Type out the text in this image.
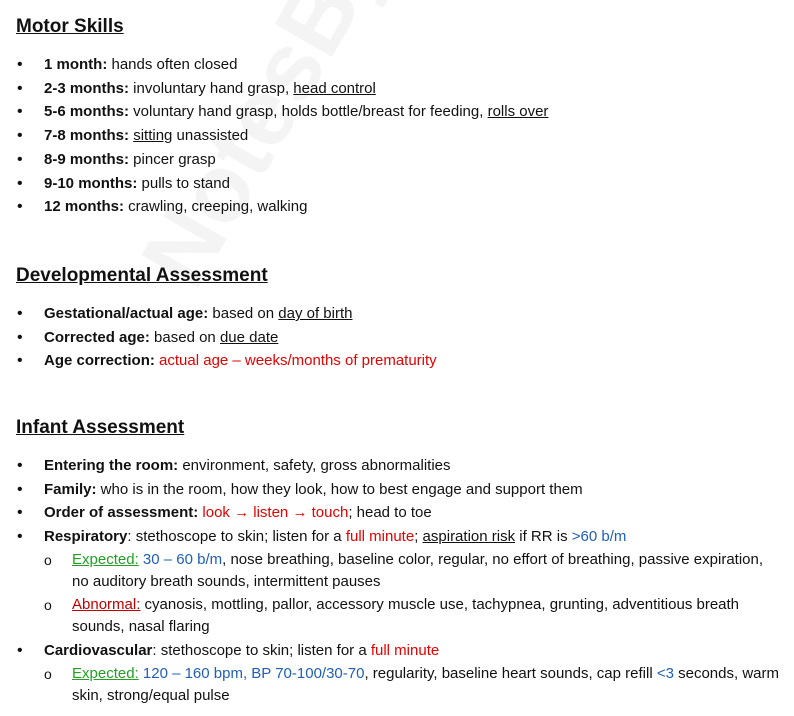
Motor Skills
• 1 month: hands often closed
• 2-3 months: involuntary hand grasp, head control
• 5-6 months: voluntary hand grasp, holds bottle/breast for feeding, rolls over
• 7-8 months: sitting unassisted
• 8-9 months: pincer grasp
• 9-10 months: pulls to stand
• 12 months: crawling, creeping, walking
Developmental Assessment
• Gestational/actual age: based on day of birth
• Corrected age: based on due date
• Age correction: actual age – weeks/months of prematurity
Infant Assessment
• Entering the room: environment, safety, gross abnormalities
• Family: who is in the room, how they look, how to best engage and support them
• Order of assessment: look → listen → touch; head to toe
• Respiratory: stethoscope to skin; listen for a full minute; aspiration risk if RR is >60 b/m
o Expected: 30 – 60 b/m, nose breathing, baseline color, regular, no effort of breathing, passive expiration, no auditory breath sounds, intermittent pauses
o Abnormal: cyanosis, mottling, pallor, accessory muscle use, tachypnea, grunting, adventitious breath sounds, nasal flaring
• Cardiovascular: stethoscope to skin; listen for a full minute
o Expected: 120 – 160 bpm, BP 70-100/30-70, regularity, baseline heart sounds, cap refill <3 seconds, warm skin, strong/equal pulse
